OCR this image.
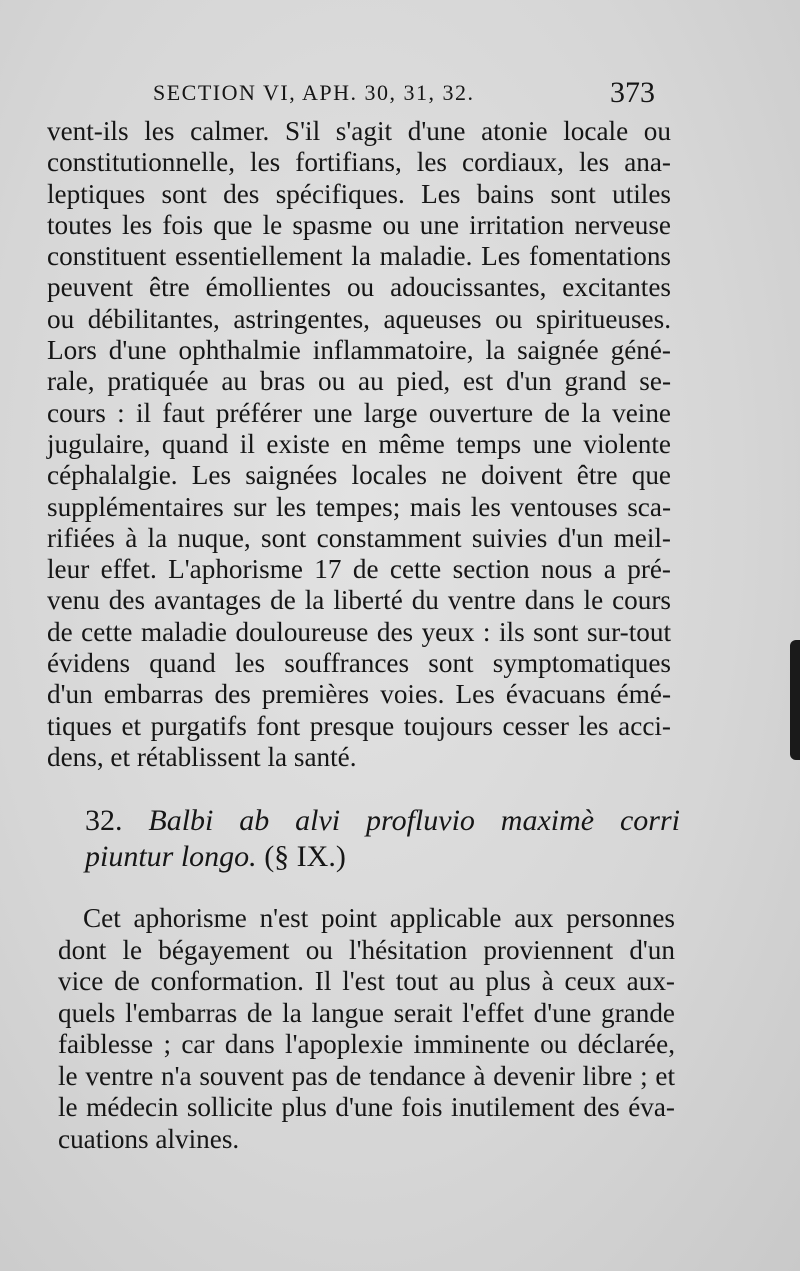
SECTION VI, APH. 30, 31, 32.	373
vent-ils les calmer. S'il s'agit d'une atonie locale ou
constitutionnelle, les fortifians, les cordiaux, les ana-
leptiques sont des spécifiques. Les bains sont utiles
toutes les fois que le spasme ou une irritation nerveuse
constituent essentiellement la maladie. Les fomentations
peuvent être émollientes ou adoucissantes, excitantes
ou débilitantes, astringentes, aqueuses ou spiritueuses.
Lors d'une ophthalmie inflammatoire, la saignée géné-
rale, pratiquée au bras ou au pied, est d'un grand se-
cours : il faut préférer une large ouverture de la veine
jugulaire, quand il existe en même temps une violente
céphalalgie. Les saignées locales ne doivent être que
supplémentaires sur les tempes; mais les ventouses sca-
rifiées à la nuque, sont constamment suivies d'un meil-
leur effet. L'aphorisme 17 de cette section nous a pré-
venu des avantages de la liberté du ventre dans le cours
de cette maladie douloureuse des yeux : ils sont sur-tout
évidens quand les souffrances sont symptomatiques
d'un embarras des premières voies. Les évacuans émé-
tiques et purgatifs font presque toujours cesser les acci-
dens, et rétablissent la santé.
32. Balbi ab alvi profluvio maximè corri
piuntur longo. (§ IX.)
Cet aphorisme n'est point applicable aux personnes
dont le bégayement ou l'hésitation proviennent d'un
vice de conformation. Il l'est tout au plus à ceux aux-
quels l'embarras de la langue serait l'effet d'une grande
faiblesse ; car dans l'apoplexie imminente ou déclarée,
le ventre n'a souvent pas de tendance à devenir libre ; et
le médecin sollicite plus d'une fois inutilement des éva-
cuations alvines.
